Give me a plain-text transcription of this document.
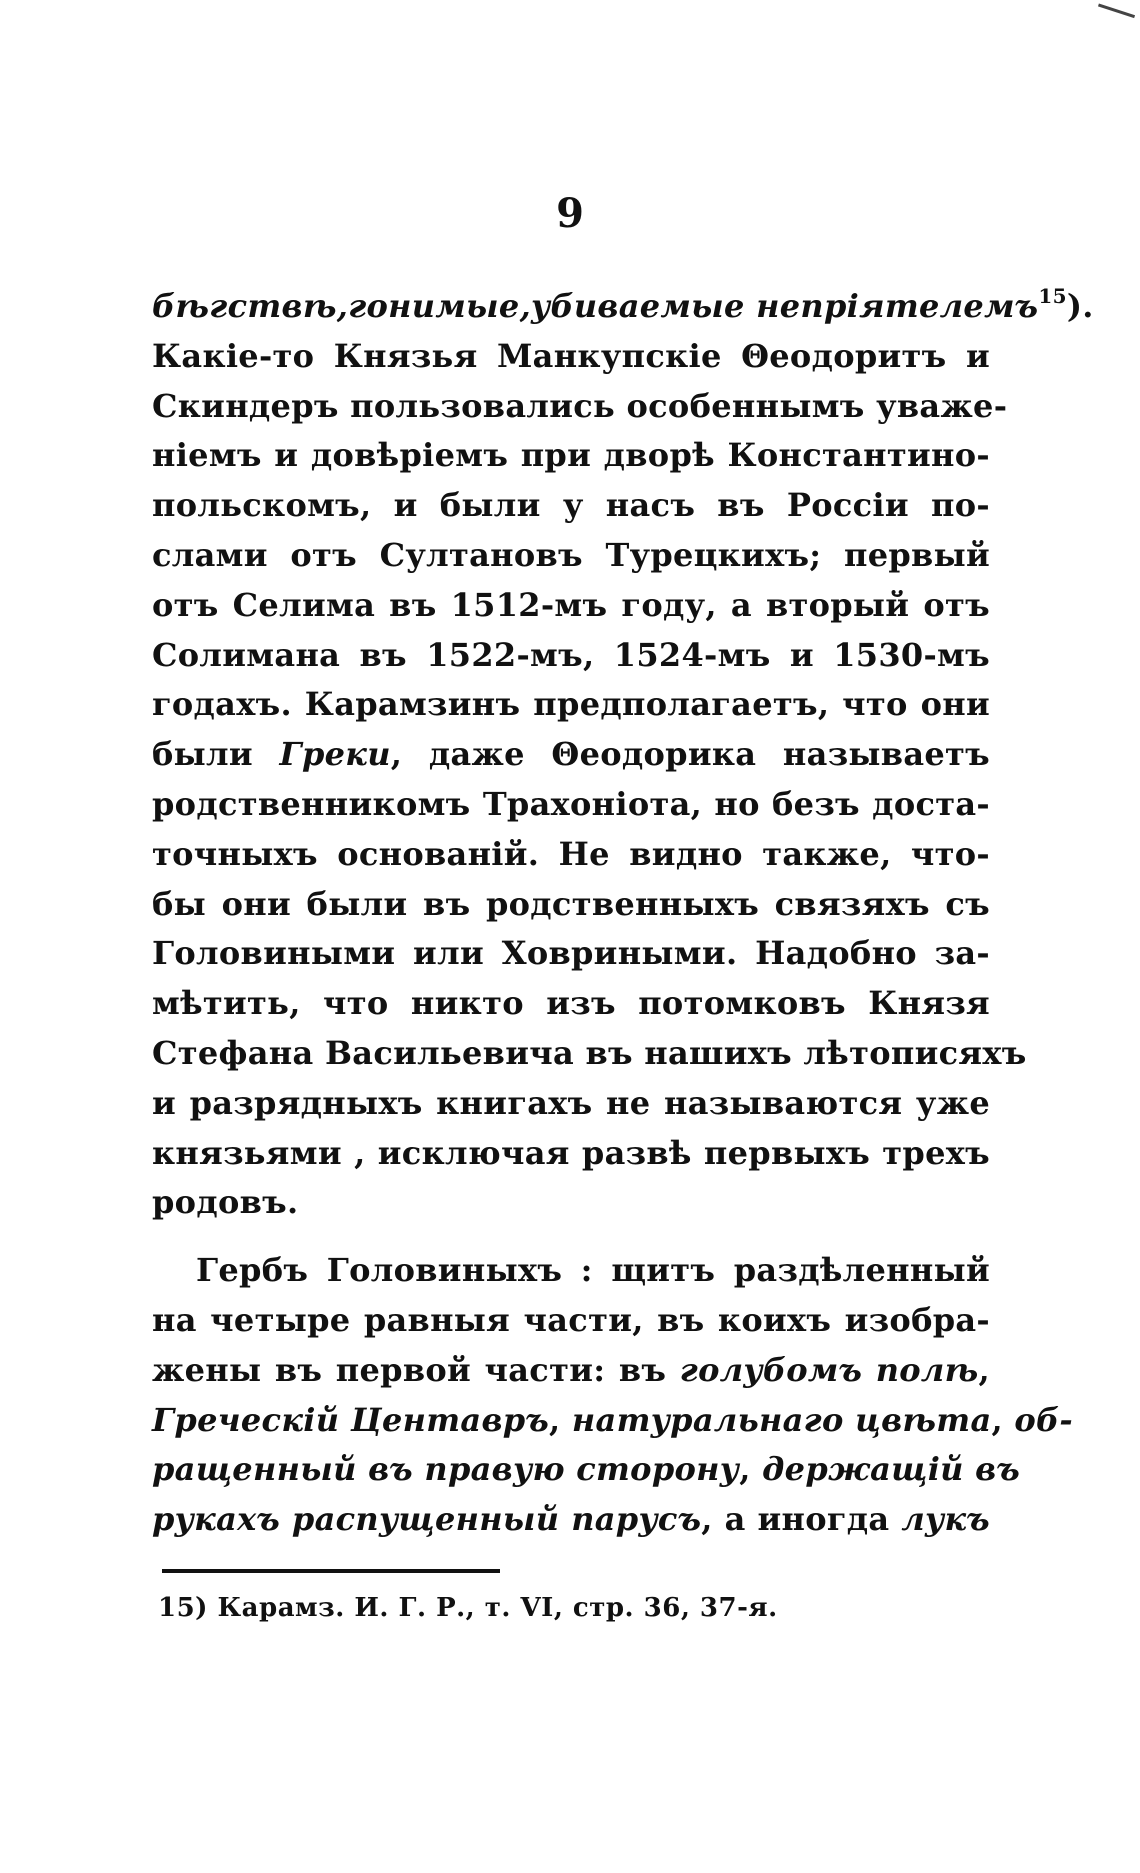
9
бѣгствѣ,гонимые,убиваемые непріятелемъ$^{15}$).
Какіе-то Князья Манкупскіе Θеодоритъ и
Скиндеръ пользовались особеннымъ уваже-
ніемъ и довѣріемъ при дворѣ Константино-
польскомъ, и были у насъ въ Россіи по-
слами отъ Султановъ Турецкихъ; первый
отъ Селима въ 1512-мъ году, а вторый отъ
Солимана въ 1522-мъ, 1524-мъ и 1530-мъ
годахъ. Карамзинъ предполагаетъ, что они
были Греки, даже Θеодорика называетъ
родственникомъ Трахоніота, но безъ доста-
точныхъ основаній. Не видно также, что-
бы они были въ родственныхъ связяхъ съ
Головиными или Ховриными. Надобно за-
мѣтить, что никто изъ потомковъ Князя
Стефана Васильевича въ нашихъ лѣтописяхъ
и разрядныхъ книгахъ не называются уже
князьями , исключая развѣ первыхъ трехъ
родовъ.
Гербъ Головиныхъ : щитъ раздѣленный
на четыре равныя части, въ коихъ изобра-
жены въ первой части: въ голубомъ полѣ,
Греческій Центавръ, натуральнаго цвѣта, об-
ращенный въ правую сторону, держащій въ
рукахъ распущенный парусъ, а иногда лукъ
15) Карамз. И. Г. Р., т. VI, стр. 36, 37-я.
